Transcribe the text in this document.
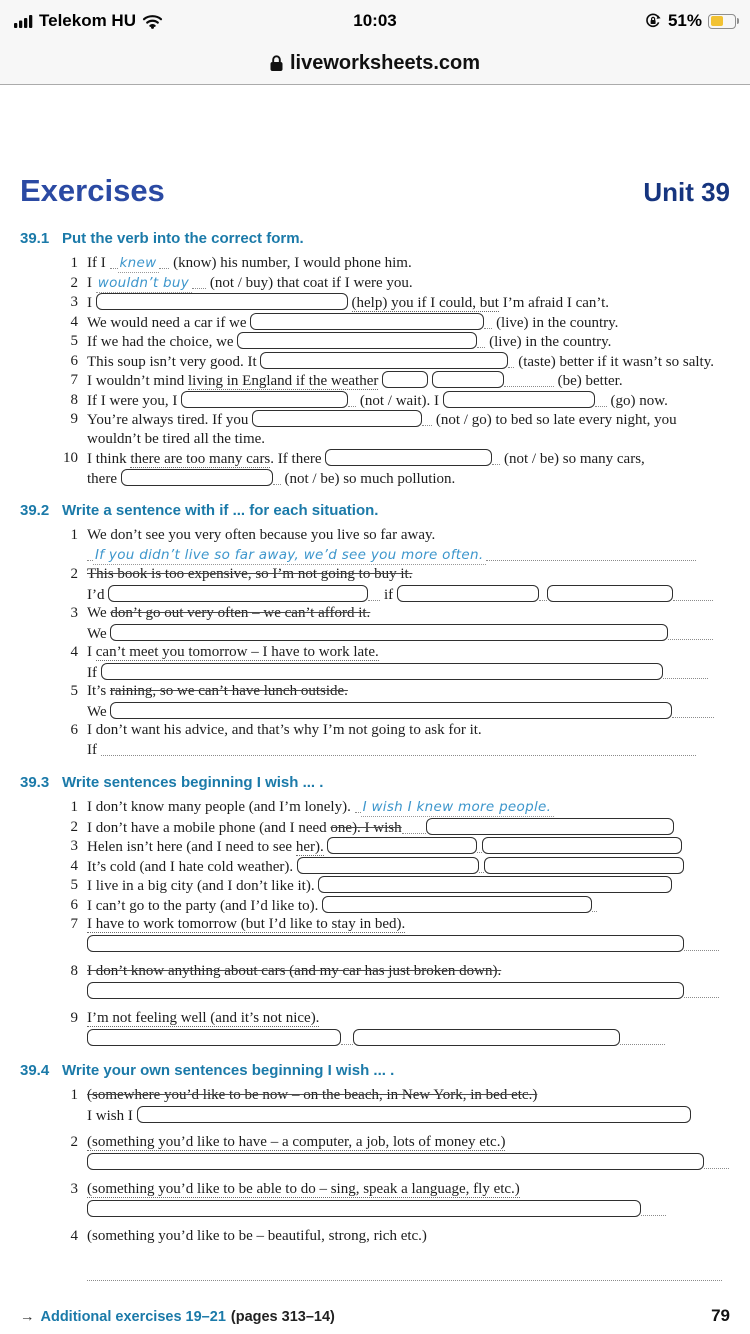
Telekom HU	10:03	51%
liveworksheets.com
Exercises	Unit 39
39.1 Put the verb into the correct form.
1 If I knew (know) his number, I would phone him.
2 I wouldn’t buy (not / buy) that coat if I were you.
3 I	(help) you if I could, but I’m afraid I can’t.
4 We would need a car if we	(live) in the country.
5 If we had the choice, we	(live) in the country.
6 This soup isn’t very good. It	(taste) better if it wasn’t so salty.
7 I wouldn’t mind living in England if the weather	(be) better.
8 If I were you, I	(not / wait). I	(go) now.
9 You’re always tired. If you	(not / go) to bed so late every night, you
wouldn’t be tired all the time.
10 I think there are too many cars. If there	(not / be) so many cars,
there	(not / be) so much pollution.
39.2 Write a sentence with if ... for each situation.
1 We don’t see you very often because you live so far away.
If you didn’t live so far away, we’d see you more often.
2 This book is too expensive, so I’m not going to buy it.
I’d	if
3 We don’t go out very often – we can’t afford it.
We
4 I can’t meet you tomorrow – I have to work late.
If
5 It’s raining, so we can’t have lunch outside.
We
6 I don’t want his advice, and that’s why I’m not going to ask for it.
If
39.3 Write sentences beginning I wish ... .
1 I don’t know many people (and I’m lonely). I wish I knew more people.
2 I don’t have a mobile phone (and I need one). I wish
3 Helen isn’t here (and I need to see her).
4 It’s cold (and I hate cold weather).
5 I live in a big city (and I don’t like it).
6 I can’t go to the party (and I’d like to).
7 I have to work tomorrow (but I’d like to stay in bed).
8 I don’t know anything about cars (and my car has just broken down).
9 I’m not feeling well (and it’s not nice).
39.4 Write your own sentences beginning I wish ... .
1 (somewhere you’d like to be now – on the beach, in New York, in bed etc.)
I wish I
2 (something you’d like to have – a computer, a job, lots of money etc.)
3 (something you’d like to be able to do – sing, speak a language, fly etc.)
4 (something you’d like to be – beautiful, strong, rich etc.)
→ Additional exercises 19–21 (pages 313–14)	79
